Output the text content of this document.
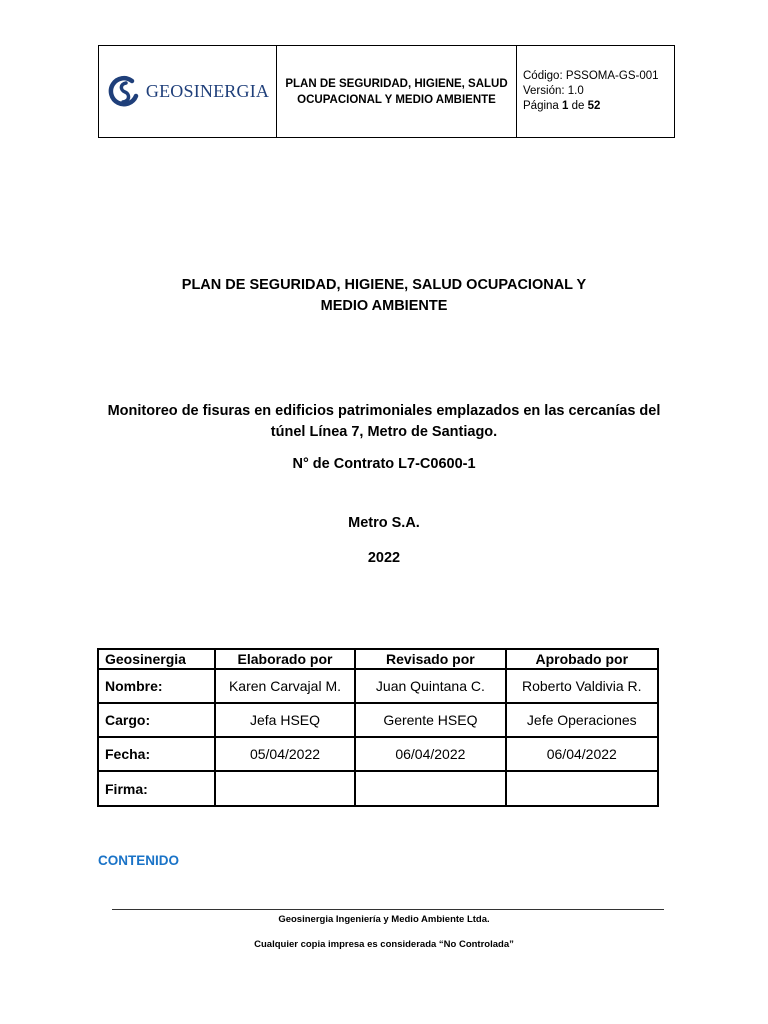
GEOSINERGIA	PLAN DE SEGURIDAD, HIGIENE, SALUD OCUPACIONAL Y MEDIO AMBIENTE
Código: PSSOMA-GS-001
Versión: 1.0
Página 1 de 52
PLAN DE SEGURIDAD, HIGIENE, SALUD OCUPACIONAL Y
MEDIO AMBIENTE
Monitoreo de fisuras en edificios patrimoniales emplazados en las cercanías del
túnel Línea 7, Metro de Santiago.
N° de Contrato L7-C0600-1
Metro S.A.
2022
Geosinergia	Elaborado por	Revisado por	Aprobado por
Nombre:	Karen Carvajal M.	Juan Quintana C.	Roberto Valdivia R.
Cargo:	Jefa HSEQ	Gerente HSEQ	Jefe Operaciones
Fecha:	05/04/2022	06/04/2022	06/04/2022
Firma:			
CONTENIDO
Geosinergia Ingeniería y Medio Ambiente Ltda.
Cualquier copia impresa es considerada “No Controlada”
